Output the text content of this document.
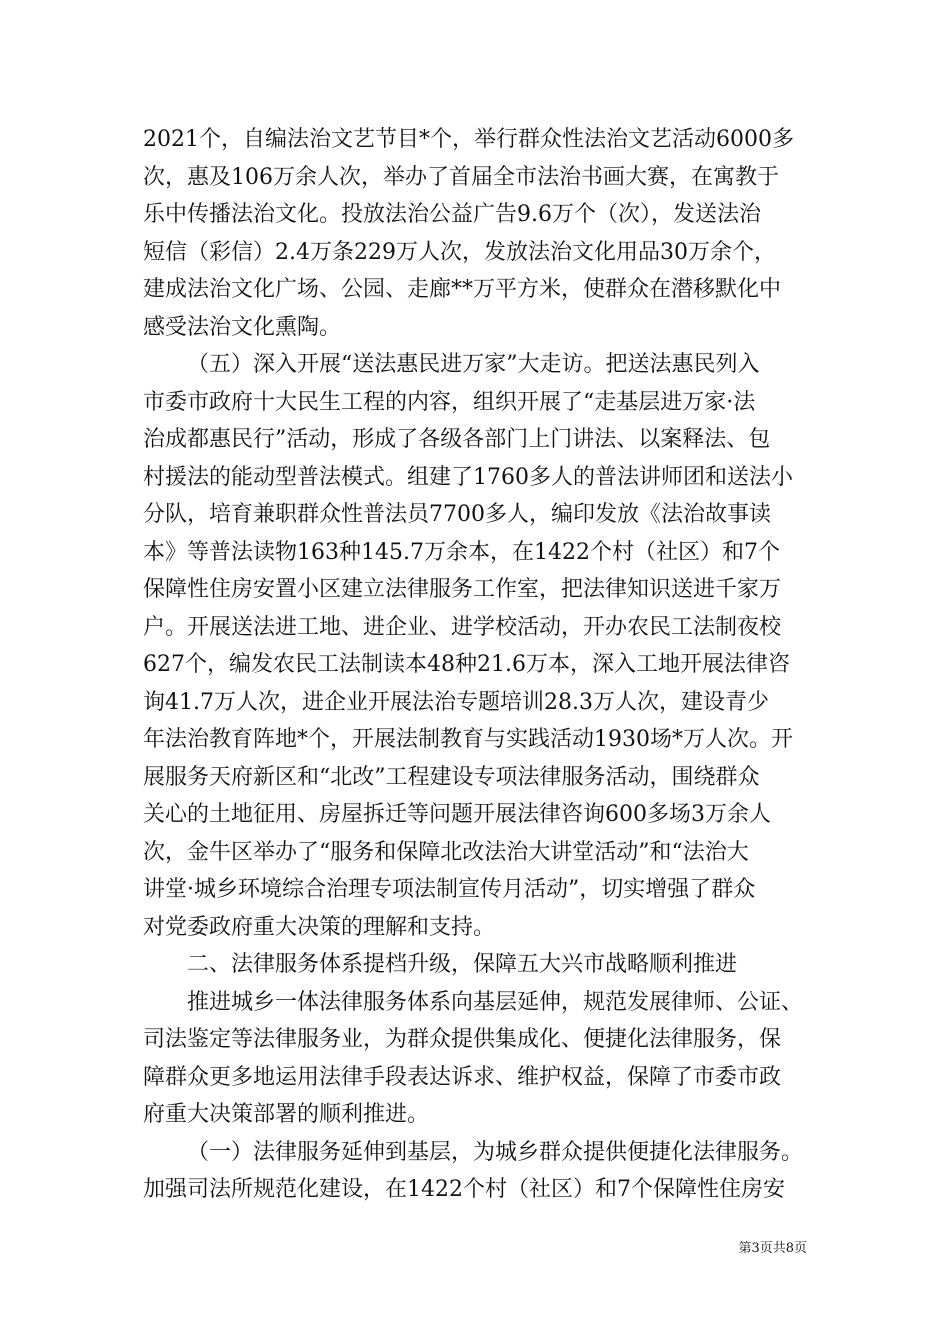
2021个，自编法治文艺节目*个，举行群众性法治文艺活动6000多
次，惠及106万余人次，举办了首届全市法治书画大赛，在寓教于
乐中传播法治文化。投放法治公益广告9.6万个（次），发送法治
短信（彩信）2.4万条229万人次，发放法治文化用品30万余个，
建成法治文化广场、公园、走廊**万平方米，使群众在潜移默化中
感受法治文化熏陶。
（五）深入开展“送法惠民进万家”大走访。把送法惠民列入
市委市政府十大民生工程的内容，组织开展了“走基层进万家·法
治成都惠民行”活动，形成了各级各部门上门讲法、以案释法、包
村援法的能动型普法模式。组建了1760多人的普法讲师团和送法小
分队，培育兼职群众性普法员7700多人，编印发放《法治故事读
本》等普法读物163种145.7万余本，在1422个村（社区）和7个
保障性住房安置小区建立法律服务工作室，把法律知识送进千家万
户。开展送法进工地、进企业、进学校活动，开办农民工法制夜校
627个，编发农民工法制读本48种21.6万本，深入工地开展法律咨
询41.7万人次，进企业开展法治专题培训28.3万人次，建设青少
年法治教育阵地*个，开展法制教育与实践活动1930场*万人次。开
展服务天府新区和“北改”工程建设专项法律服务活动，围绕群众
关心的土地征用、房屋拆迁等问题开展法律咨询600多场3万余人
次，金牛区举办了“服务和保障北改法治大讲堂活动”和“法治大
讲堂·城乡环境综合治理专项法制宣传月活动”，切实增强了群众
对党委政府重大决策的理解和支持。
二、法律服务体系提档升级，保障五大兴市战略顺利推进
推进城乡一体法律服务体系向基层延伸，规范发展律师、公证、
司法鉴定等法律服务业，为群众提供集成化、便捷化法律服务，保
障群众更多地运用法律手段表达诉求、维护权益，保障了市委市政
府重大决策部署的顺利推进。
（一）法律服务延伸到基层，为城乡群众提供便捷化法律服务。
加强司法所规范化建设，在1422个村（社区）和7个保障性住房安
第3页共8页
